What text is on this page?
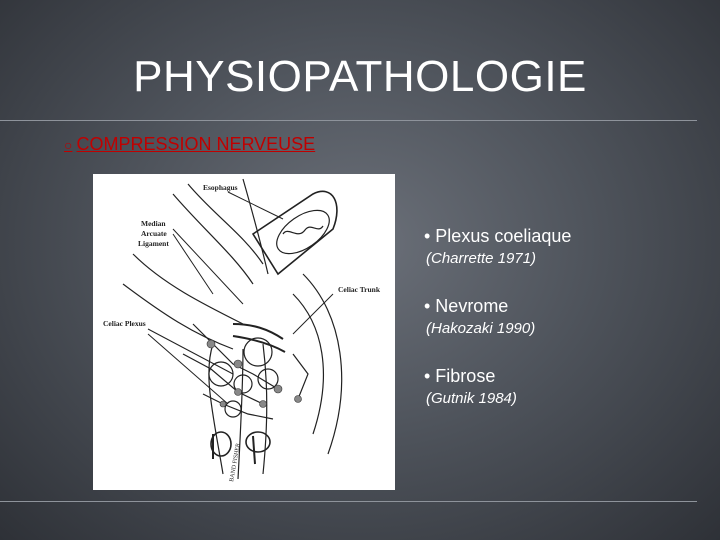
PHYSIOPATHOLOGIE
○ COMPRESSION NERVEUSE
Esophagus
Median
Arcuate
Ligament
Celiac Trunk
Celiac Plexus
BAND FISHER
• Plexus coeliaque
(Charrette 1971)
• Nevrome
(Hakozaki 1990)
• Fibrose
(Gutnik 1984)
